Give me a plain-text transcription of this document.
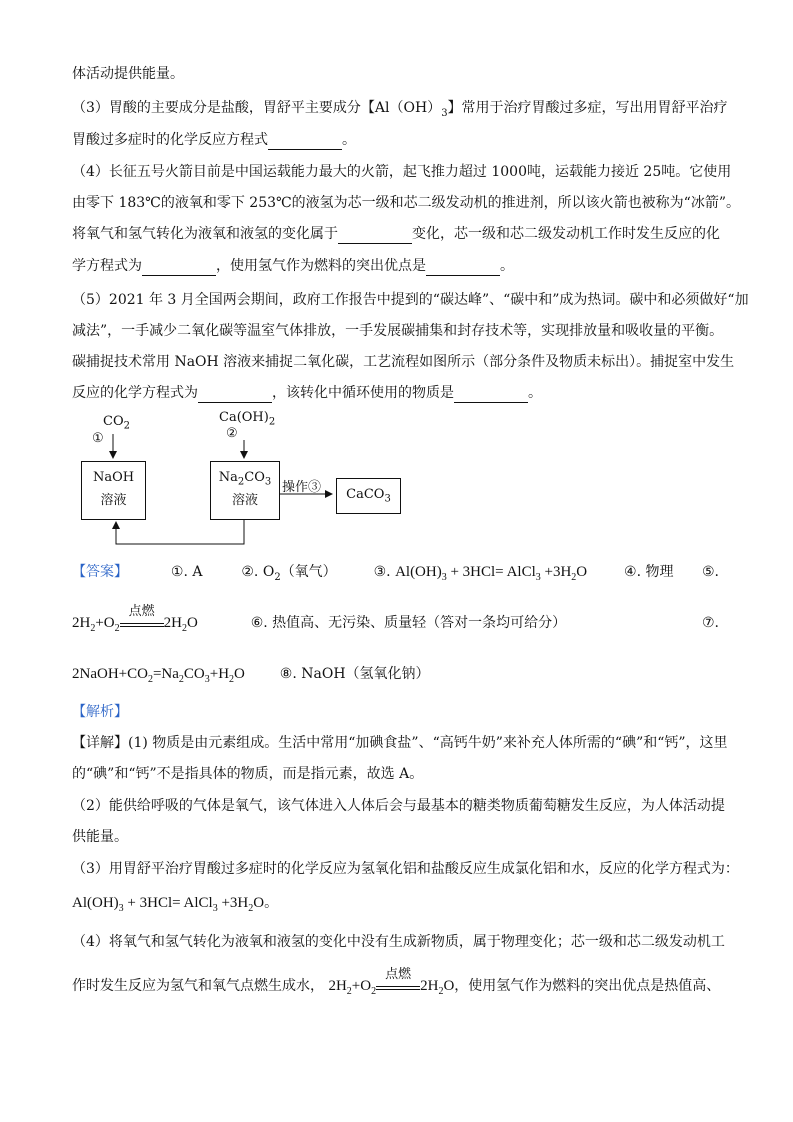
体活动提供能量。
（3）胃酸的主要成分是盐酸，胃舒平主要成分【$Al(OH)_3$】常用于治疗胃酸过多症，写出用胃舒平治疗
胃酸过多症时的化学反应方程式	。
（4）长征五号火箭目前是中国运载能力最大的火箭，起飞推力超过 1000吨，运载能力接近 25吨。它使用
由零下 183℃的液氧和零下 253℃的液氢为芯一级和芯二级发动机的推进剂，所以该火箭也被称为“冰箭”。
将氧气和氢气转化为液氧和液氢的变化属于	变化，芯一级和芯二级发动机工作时发生反应的化
学方程式为	，使用氢气作为燃料的突出优点是	。
（5）2021 年 3 月全国两会期间，政府工作报告中提到的“碳达峰”、“碳中和”成为热词。碳中和必须做好“加
减法”，一手减少二氧化碳等温室气体排放，一手发展碳捕集和封存技术等，实现排放量和吸收量的平衡。
碳捕捉技术常用 NaOH 溶液来捕捉二氧化碳，工艺流程如图所示（部分条件及物质未标出）。捕捉室中发生
反应的化学方程式为	，该转化中循环使用的物质是	。
$CO_2$
①
$Ca(OH)_2$
②
NaOH
溶液
$Na_2CO_3$
溶液
操作③	CaCO$_3$
【答案】	①. A	②. $O_2$（氧气）	③. $Al(OH)_3 + 3HCl=$ AlCl$_3$ $+3H_2O$	④. 物理	⑤.
$2H_2+O_2$
点燃
$2H_2O$	⑥. 热值高、无污染、质量轻（答对一条均可给分）	⑦.
$2NaOH+CO_2=Na_2CO_3+H_2O$ ⑧. NaOH（氢氧化钠）
【解析】
【详解】(1) 物质是由元素组成。生活中常用“加碘食盐”、“高钙牛奶”来补充人体所需的“碘”和“钙”，这里
的“碘”和“钙”不是指具体的物质，而是指元素，故选 A。
（2）能供给呼吸的气体是氧气，该气体进入人体后会与最基本的糖类物质葡萄糖发生反应，为人体活动提
供能量。
（3）用胃舒平治疗胃酸过多症时的化学反应为氢氧化铝和盐酸反应生成氯化铝和水，反应的化学方程式为：
$Al(OH)_3 + 3HCl=$ AlCl$_3$ $+3H_2O$。
（4）将氧气和氢气转化为液氧和液氢的变化中没有生成新物质，属于物理变化；芯一级和芯二级发动机工
作时发生反应为氢气和氧气点燃生成水， $2H_2+O_2$
点燃
$2H_2O$，使用氢气作为燃料的突出优点是热值高、
